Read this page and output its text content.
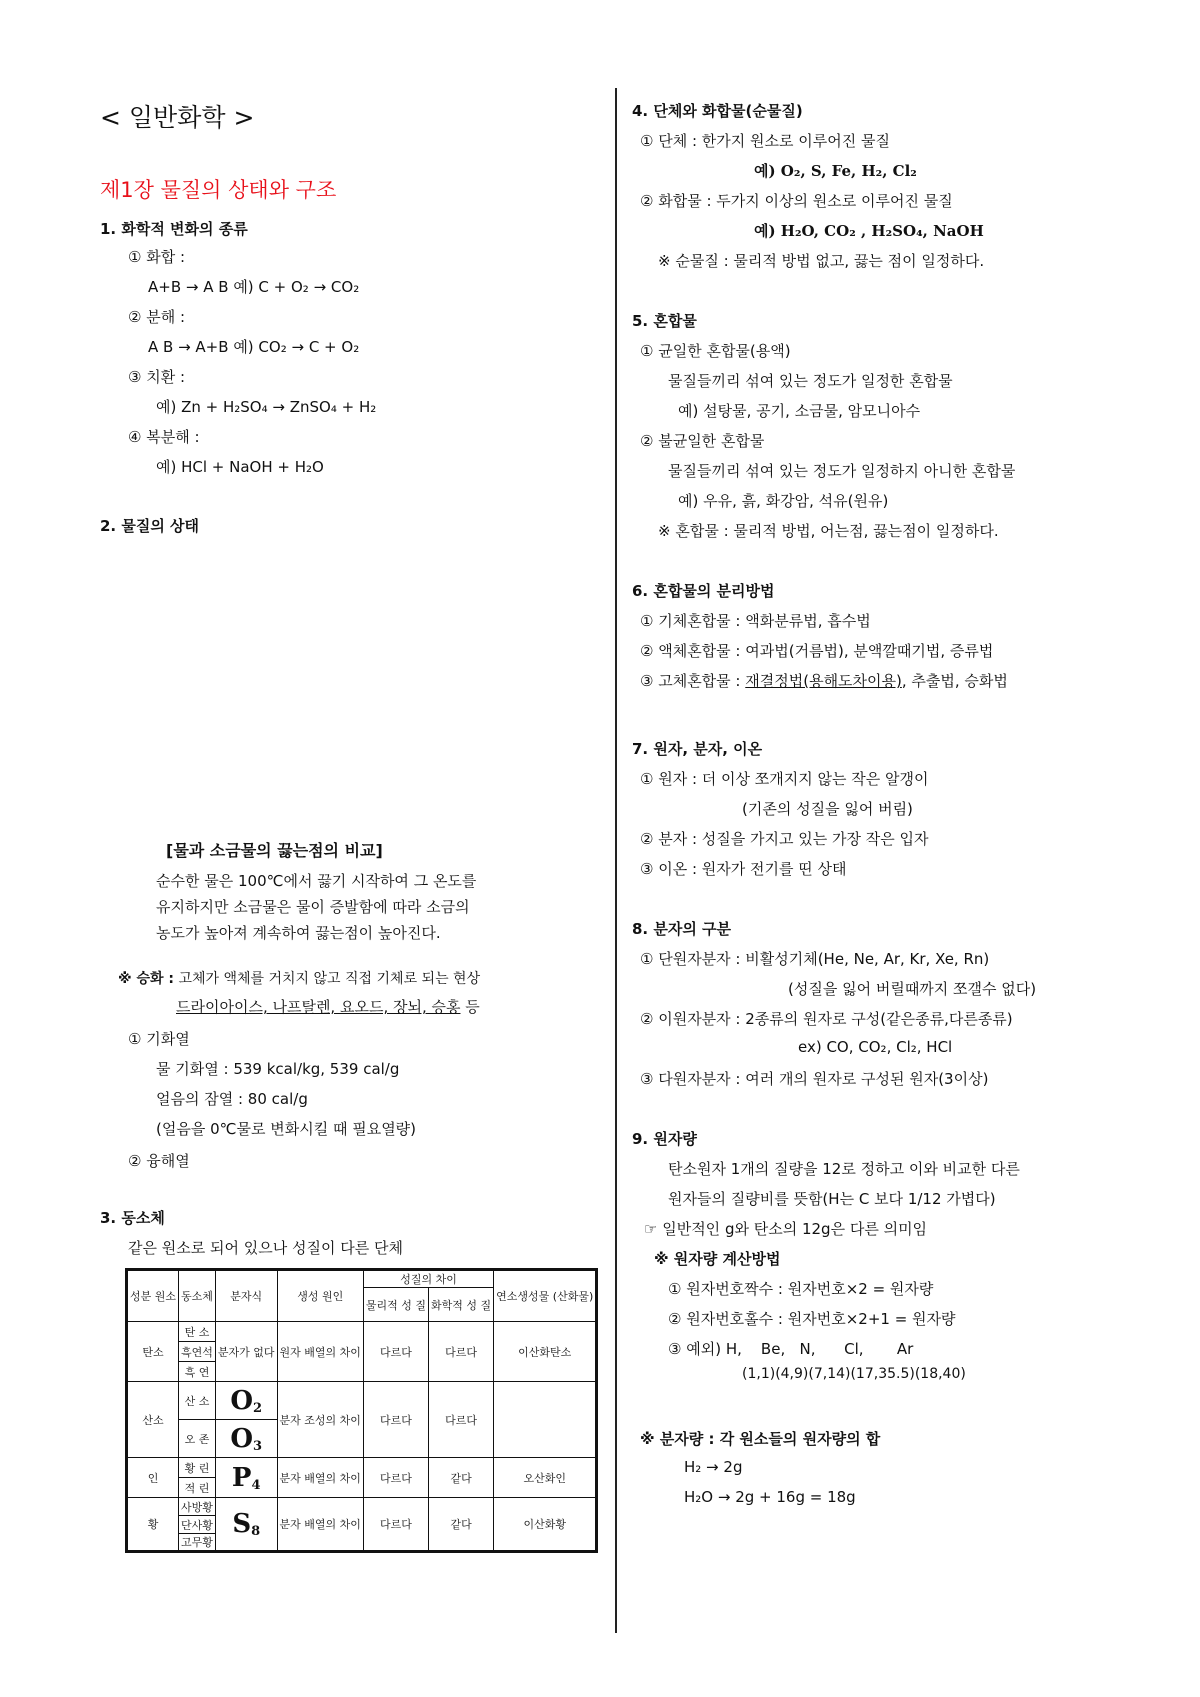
< 일반화학 >
제1장 물질의 상태와 구조
1. 화학적 변화의 종류
① 화합 :
A+B → A B 예) C + O₂ → CO₂
② 분해 :
A B → A+B 예) CO₂ → C + O₂
③ 치환 :
예) Zn + H₂SO₄ → ZnSO₄ + H₂
④ 복분해 :
예) HCl + NaOH + H₂O
2. 물질의 상태
[물과 소금물의 끓는점의 비교]
순수한 물은 100℃에서 끓기 시작하여 그 온도를
유지하지만 소금물은 물이 증발함에 따라 소금의
농도가 높아져 계속하여 끓는점이 높아진다.
※ 승화 : 고체가 액체를 거치지 않고 직접 기체로 되는 현상
드라이아이스, 나프탈렌, 요오드, 장뇌, 승홍 등
① 기화열
물 기화열 : 539 kcal/kg, 539 cal/g
얼음의 잠열 : 80 cal/g
(얼음을 0℃물로 변화시킬 때 필요열량)
② 융해열
3. 동소체
같은 원소로 되어 있으나 성질이 다른 단체
성분 원소	동소체	분자식	생성 원인	성질의 차이		연소생성물 (산화물)
				물리적 성 질	화학적 성 질	
탄소	탄 소	분자가 없다	원자 배열의 차이	다르다	다르다	이산화탄소
	흑연석					
	흑 연					
산소	산 소	$O_2$	분자 조성의 차이	다르다	다르다	
	오 존	$O_3$
인	황 린	$P_4$	분자 배열의 차이	다르다	같다	오산화인
	적 린					
황	사방황	$S_8$	분자 배열의 차이	다르다	같다	이산화황
	단사황					
	고무황					
4. 단체와 화합물(순물질)
① 단체 : 한가지 원소로 이루어진 물질
예) O₂, S, Fe, H₂, Cl₂
② 화합물 : 두가지 이상의 원소로 이루어진 물질
예) H₂O, CO₂ , H₂SO₄, NaOH
※ 순물질 : 물리적 방법 없고, 끓는 점이 일정하다.
5. 혼합물
① 균일한 혼합물(용액)
물질들끼리 섞여 있는 정도가 일정한 혼합물
예) 설탕물, 공기, 소금물, 암모니아수
② 불균일한 혼합물
물질들끼리 섞여 있는 정도가 일정하지 아니한 혼합물
예) 우유, 흙, 화강암, 석유(원유)
※ 혼합물 : 물리적 방법, 어는점, 끓는점이 일정하다.
6. 혼합물의 분리방법
① 기체혼합물 : 액화분류법, 흡수법
② 액체혼합물 : 여과법(거름법), 분액깔때기법, 증류법
③ 고체혼합물 : 재결정법(용해도차이용), 추출법, 승화법
7. 원자, 분자, 이온
① 원자 : 더 이상 쪼개지지 않는 작은 알갱이
(기존의 성질을 잃어 버림)
② 분자 : 성질을 가지고 있는 가장 작은 입자
③ 이온 : 원자가 전기를 띤 상태
8. 분자의 구분
① 단원자분자 : 비활성기체(He, Ne, Ar, Kr, Xe, Rn)
(성질을 잃어 버릴때까지 쪼갤수 없다)
② 이원자분자 : 2종류의 원자로 구성(같은종류,다른종류)
ex) CO, CO₂, Cl₂, HCl
③ 다원자분자 : 여러 개의 원자로 구성된 원자(3이상)
9. 원자량
탄소원자 1개의 질량을 12로 정하고 이와 비교한 다른
원자들의 질량비를 뜻함(H는 C 보다 1/12 가볍다)
☞ 일반적인 g와 탄소의 12g은 다른 의미임
※ 원자량 계산방법
① 원자번호짝수 : 원자번호×2 = 원자량
② 원자번호홀수 : 원자번호×2+1 = 원자량
③ 예외) H,    Be,   N,      Cl,       Ar
(1,1)(4,9)(7,14)(17,35.5)(18,40)
※ 분자량 : 각 원소들의 원자량의 합
H₂ → 2g
H₂O → 2g + 16g = 18g
